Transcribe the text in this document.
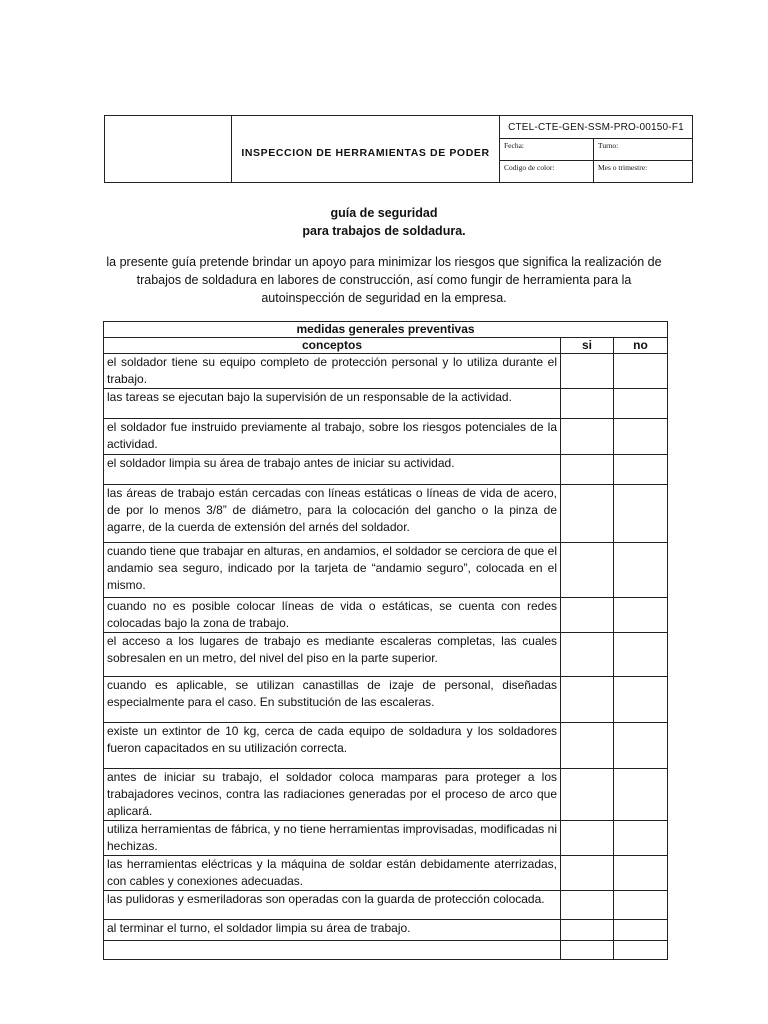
	INSPECCION DE HERRAMIENTAS DE PODER	CTEL-CTE-GEN-SSM-PRO-00150-F1	
		Fecha:	Turno:
		Codigo de color:	Mes o trimestre:
guía de seguridad
para trabajos de soldadura.
la presente guía pretende brindar un apoyo para minimizar los riesgos que significa la realización de trabajos de soldadura en labores de construcción, así como fungir de herramienta para la autoinspección de seguridad en la empresa.
medidas generales preventivas		
conceptos	si	no
el soldador tiene su equipo completo de protección personal y lo utiliza durante el trabajo.		
las tareas se ejecutan bajo la supervisión de un responsable de la actividad.		
el soldador fue instruido previamente al trabajo, sobre los riesgos potenciales de la actividad.		
el soldador limpia su área de trabajo antes de iniciar su actividad.		
las áreas de trabajo están cercadas con líneas estáticas o líneas de vida de acero, de por lo menos 3/8” de diámetro, para la colocación del gancho o la pinza de agarre, de la cuerda de extensión del arnés del soldador.		
cuando tiene que trabajar en alturas, en andamios, el soldador se cerciora de que el andamio sea seguro, indicado por la tarjeta de “andamio seguro”, colocada en el mismo.		
cuando no es posible colocar líneas de vida o estáticas, se cuenta con redes colocadas bajo la zona de trabajo.		
el acceso a los lugares de trabajo es mediante escaleras completas, las cuales sobresalen en un metro, del nivel del piso en la parte superior.		
cuando es aplicable, se utilizan canastillas de izaje de personal, diseñadas especialmente para el caso. En substitución de las escaleras.		
existe un extintor de 10 kg, cerca de cada equipo de soldadura y los soldadores fueron capacitados en su utilización correcta.		
antes de iniciar su trabajo, el soldador coloca mamparas para proteger a los trabajadores vecinos, contra las radiaciones generadas por el proceso de arco que aplicará.		
utiliza herramientas de fábrica, y no tiene herramientas improvisadas, modificadas ni hechizas.		
las herramientas eléctricas y la máquina de soldar están debidamente aterrizadas, con cables y conexiones adecuadas.		
las pulidoras y esmeriladoras son operadas con la guarda de protección colocada.		
al terminar el turno, el soldador limpia su área de trabajo.		
